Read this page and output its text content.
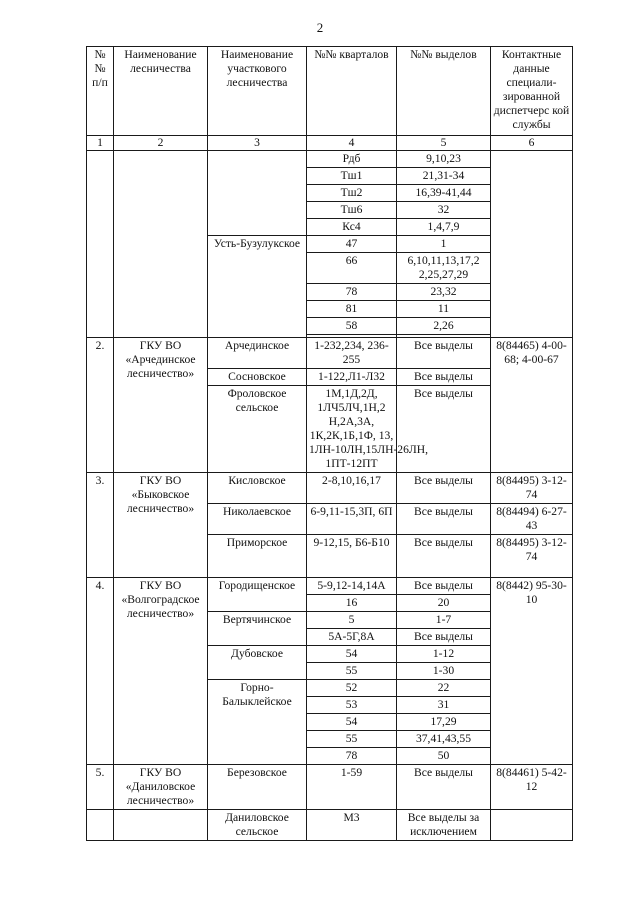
2
№№ п/п	Наименование лесничества	Наименование участкового лесничества	№№ кварталов	№№ выделов	Контактные данные специали-зированной диспетчерс кой службы
1	2	3	4	5	6
			Рдб	9,10,23	
			Тш1	21,31-34	
			Тш2	16,39-41,44	
			Тш6	32	
			Кс4	1,4,7,9	
		Усть-Бузулукское	47	1	
			66	6,10,11,13,17,2 2,25,27,29	
			78	23,32	
			81	11	
			58	2,26	

2.	ГКУ ВО «Арчединское лесничество»	Арчединское	1-232,234, 236-255	Все выделы	8(84465) 4-00-68; 4-00-67
		Сосновское	1-122,Л1-Л32	Все выделы	
		Фроловское сельское	1М,1Д,2Д, 1ЛЧ5ЛЧ,1Н,2 Н,2А,3А, 1К,2К,1Б,1Ф, 13, 1ЛН-10ЛН,15ЛН-26ЛН, 1ПТ-12ПТ	Все выделы	
3.	ГКУ ВО «Быковское лесничество»	Кисловское	2-8,10,16,17	Все выделы	8(84495) 3-12-74
		Николаевское	6-9,11-15,3П, 6П	Все выделы	8(84494) 6-27-43
		Приморское	9-12,15, Б6-Б10	Все выделы	8(84495) 3-12-74
4.	ГКУ ВО «Волгоградское лесничество»	Городищенское	5-9,12-14,14А	Все выделы	8(8442) 95-30-10
			16	20	
		Вертячинское	5	1-7	
			5А-5Г,8А	Все выделы	
		Дубовское	54	1-12	
			55	1-30	
		Горно-Балыклейское	52	22	
			53	31	
			54	17,29	
			55	37,41,43,55	
			78	50	
5.	ГКУ ВО «Даниловское лесничество»	Березовское	1-59	Все выделы	8(84461) 5-42-12
		Даниловское сельское	М3	Все выделы за исключением	
